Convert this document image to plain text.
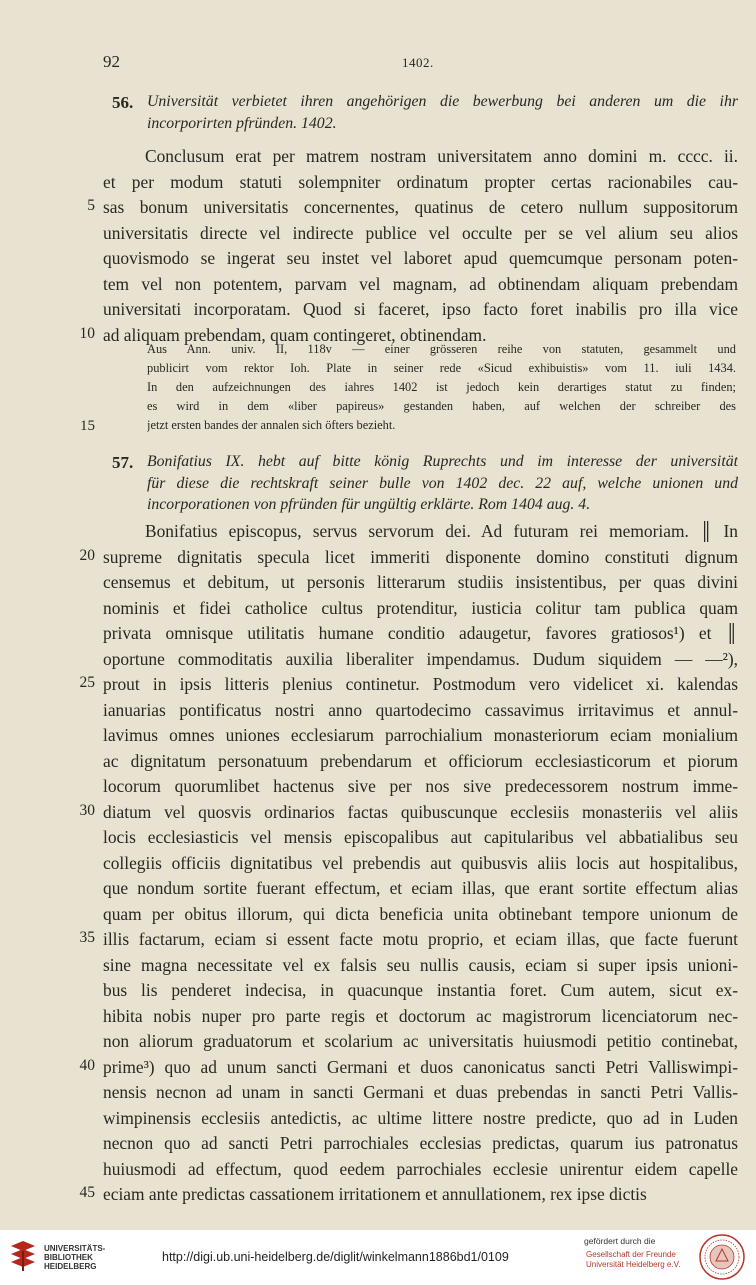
92	1402.
56. Universität verbietet ihren angehörigen die bewerbung bei anderen um die ihr
incorporirten pfründen. 1402.
Conclusum erat per matrem nostram universitatem anno domini m. cccc. ii.
et per modum statuti solempniter ordinatum propter certas racionabiles cau-
5 sas bonum universitatis concernentes, quatinus de cetero nullum suppositorum
universitatis directe vel indirecte publice vel occulte per se vel alium seu alios
quovismodo se ingerat seu instet vel laboret apud quemcumque personam poten-
tem vel non potentem, parvam vel magnam, ad obtinendam aliquam prebendam
universitati incorporatam. Quod si faceret, ipso facto foret inabilis pro illa vice
10 ad aliquam prebendam, quam contingeret, obtinendam.
Aus Ann. univ. II, 118v — einer grösseren reihe von statuten, gesammelt und
publicirt vom rektor Ioh. Plate in seiner rede «Sicud exhibuistis» vom 11. iuli 1434.
In den aufzeichnungen des iahres 1402 ist jedoch kein derartiges statut zu finden;
es wird in dem «liber papireus» gestanden haben, auf welchen der schreiber des
15	jetzt ersten bandes der annalen sich öfters bezieht.
57. Bonifatius IX. hebt auf bitte könig Ruprechts und im interesse der universität
für diese die rechtskraft seiner bulle von 1402 dec. 22 auf, welche unionen und
incorporationen von pfründen für ungültig erklärte. Rom 1404 aug. 4.
Bonifatius episcopus, servus servorum dei. Ad futuram rei memoriam. ║ In
20 supreme dignitatis specula licet immeriti disponente domino constituti dignum
censemus et debitum, ut personis litterarum studiis insistentibus, per quas divini
nominis et fidei catholice cultus protenditur, iusticia colitur tam publica quam
privata omnisque utilitatis humane conditio adaugetur, favores gratiosos¹) et ║
oportune commoditatis auxilia liberaliter impendamus. Dudum siquidem — —²),
25 prout in ipsis litteris plenius continetur. Postmodum vero videlicet xi. kalendas
ianuarias pontificatus nostri anno quartodecimo cassavimus irritavimus et annul-
lavimus omnes uniones ecclesiarum parrochialium monasteriorum eciam monialium
ac dignitatum personatuum prebendarum et officiorum ecclesiasticorum et piorum
locorum quorumlibet hactenus sive per nos sive predecessorem nostrum imme-
30 diatum vel quosvis ordinarios factas quibuscunque ecclesiis monasteriis vel aliis
locis ecclesiasticis vel mensis episcopalibus aut capitularibus vel abbatialibus seu
collegiis officiis dignitatibus vel prebendis aut quibusvis aliis locis aut hospitalibus,
que nondum sortite fuerant effectum, et eciam illas, que erant sortite effectum alias
quam per obitus illorum, qui dicta beneficia unita obtinebant tempore unionum de
35 illis factarum, eciam si essent facte motu proprio, et eciam illas, que facte fuerunt
sine magna necessitate vel ex falsis seu nullis causis, eciam si super ipsis unioni-
bus lis penderet indecisa, in quacunque instantia foret. Cum autem, sicut ex-
hibita nobis nuper pro parte regis et doctorum ac magistrorum licenciatorum nec-
non aliorum graduatorum et scolarium ac universitatis huiusmodi petitio continebat,
40 prime³) quo ad unum sancti Germani et duos canonicatus sancti Petri Valliswimpi-
nensis necnon ad unam in sancti Germani et duas prebendas in sancti Petri Vallis-
wimpinensis ecclesiis antedictis, ac ultime littere nostre predicte, quo ad in Luden
necnon quo ad sancti Petri parrochiales ecclesias predictas, quarum ius patronatus
huiusmodi ad effectum, quod eedem parrochiales ecclesie unirentur eidem capelle
45 eciam ante predictas cassationem irritationem et annullationem, rex ipse dictis
UNIVERSITÄTS-
BIBLIOTHEK
HEIDELBERG
http://digi.ub.uni-heidelberg.de/diglit/winkelmann1886bd1/0109
gefördert durch die
Gesellschaft der Freunde
Universität Heidelberg e.V.
